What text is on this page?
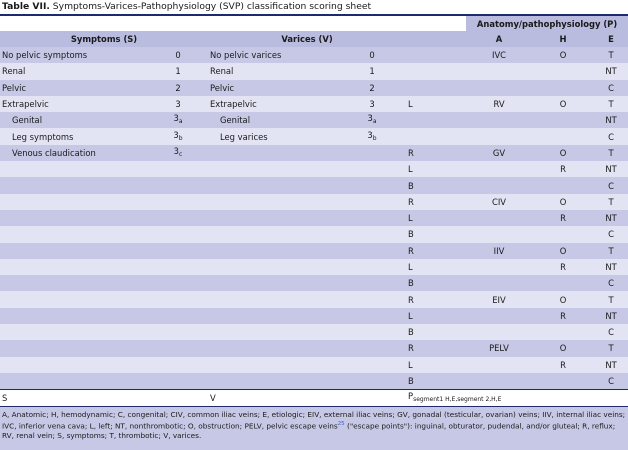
Table VII. Symptoms-Varices-Pathophysiology (SVP) classification scoring sheet
					Anatomy/pathophysiology (P)		
Symptoms (S)		Varices (V)			A	H	E
No pelvic symptoms	0	No pelvic varices	0		IVC	O	T
Renal	1	Renal	1				NT
Pelvic	2	Pelvic	2				C
Extrapelvic	3	Extrapelvic	3	L	RV	O	T
Genital	$3_a$	Genital	$3_a$				NT
Leg symptoms	$3_b$	Leg varices	$3_b$				C
Venous claudication	$3_c$			R	GV	O	T
				L		R	NT
				B			C
				R	CIV	O	T
				L		R	NT
				B			C
				R	IIV	O	T
				L		R	NT
				B			C
				R	EIV	O	T
				L		R	NT
				B			C
				R	PELV	O	T
				L		R	NT
				B			C
S		V		$P_{segment1 H,E,segment 2,H,E}$
A, Anatomic; H, hemodynamic; C, congenital; CIV, common iliac veins; E, etiologic; EIV, external iliac veins; GV, gonadal (testicular, ovarian) veins; IIV, internal iliac veins; IVC, inferior vena cava; L, left; NT, nonthrombotic; O, obstruction; PELV, pelvic escape veins$^{25}$ ("escape points"): inguinal, obturator, pudendal, and/or gluteal; R, reflux; RV, renal vein; S, symptoms; T, thrombotic; V, varices.
